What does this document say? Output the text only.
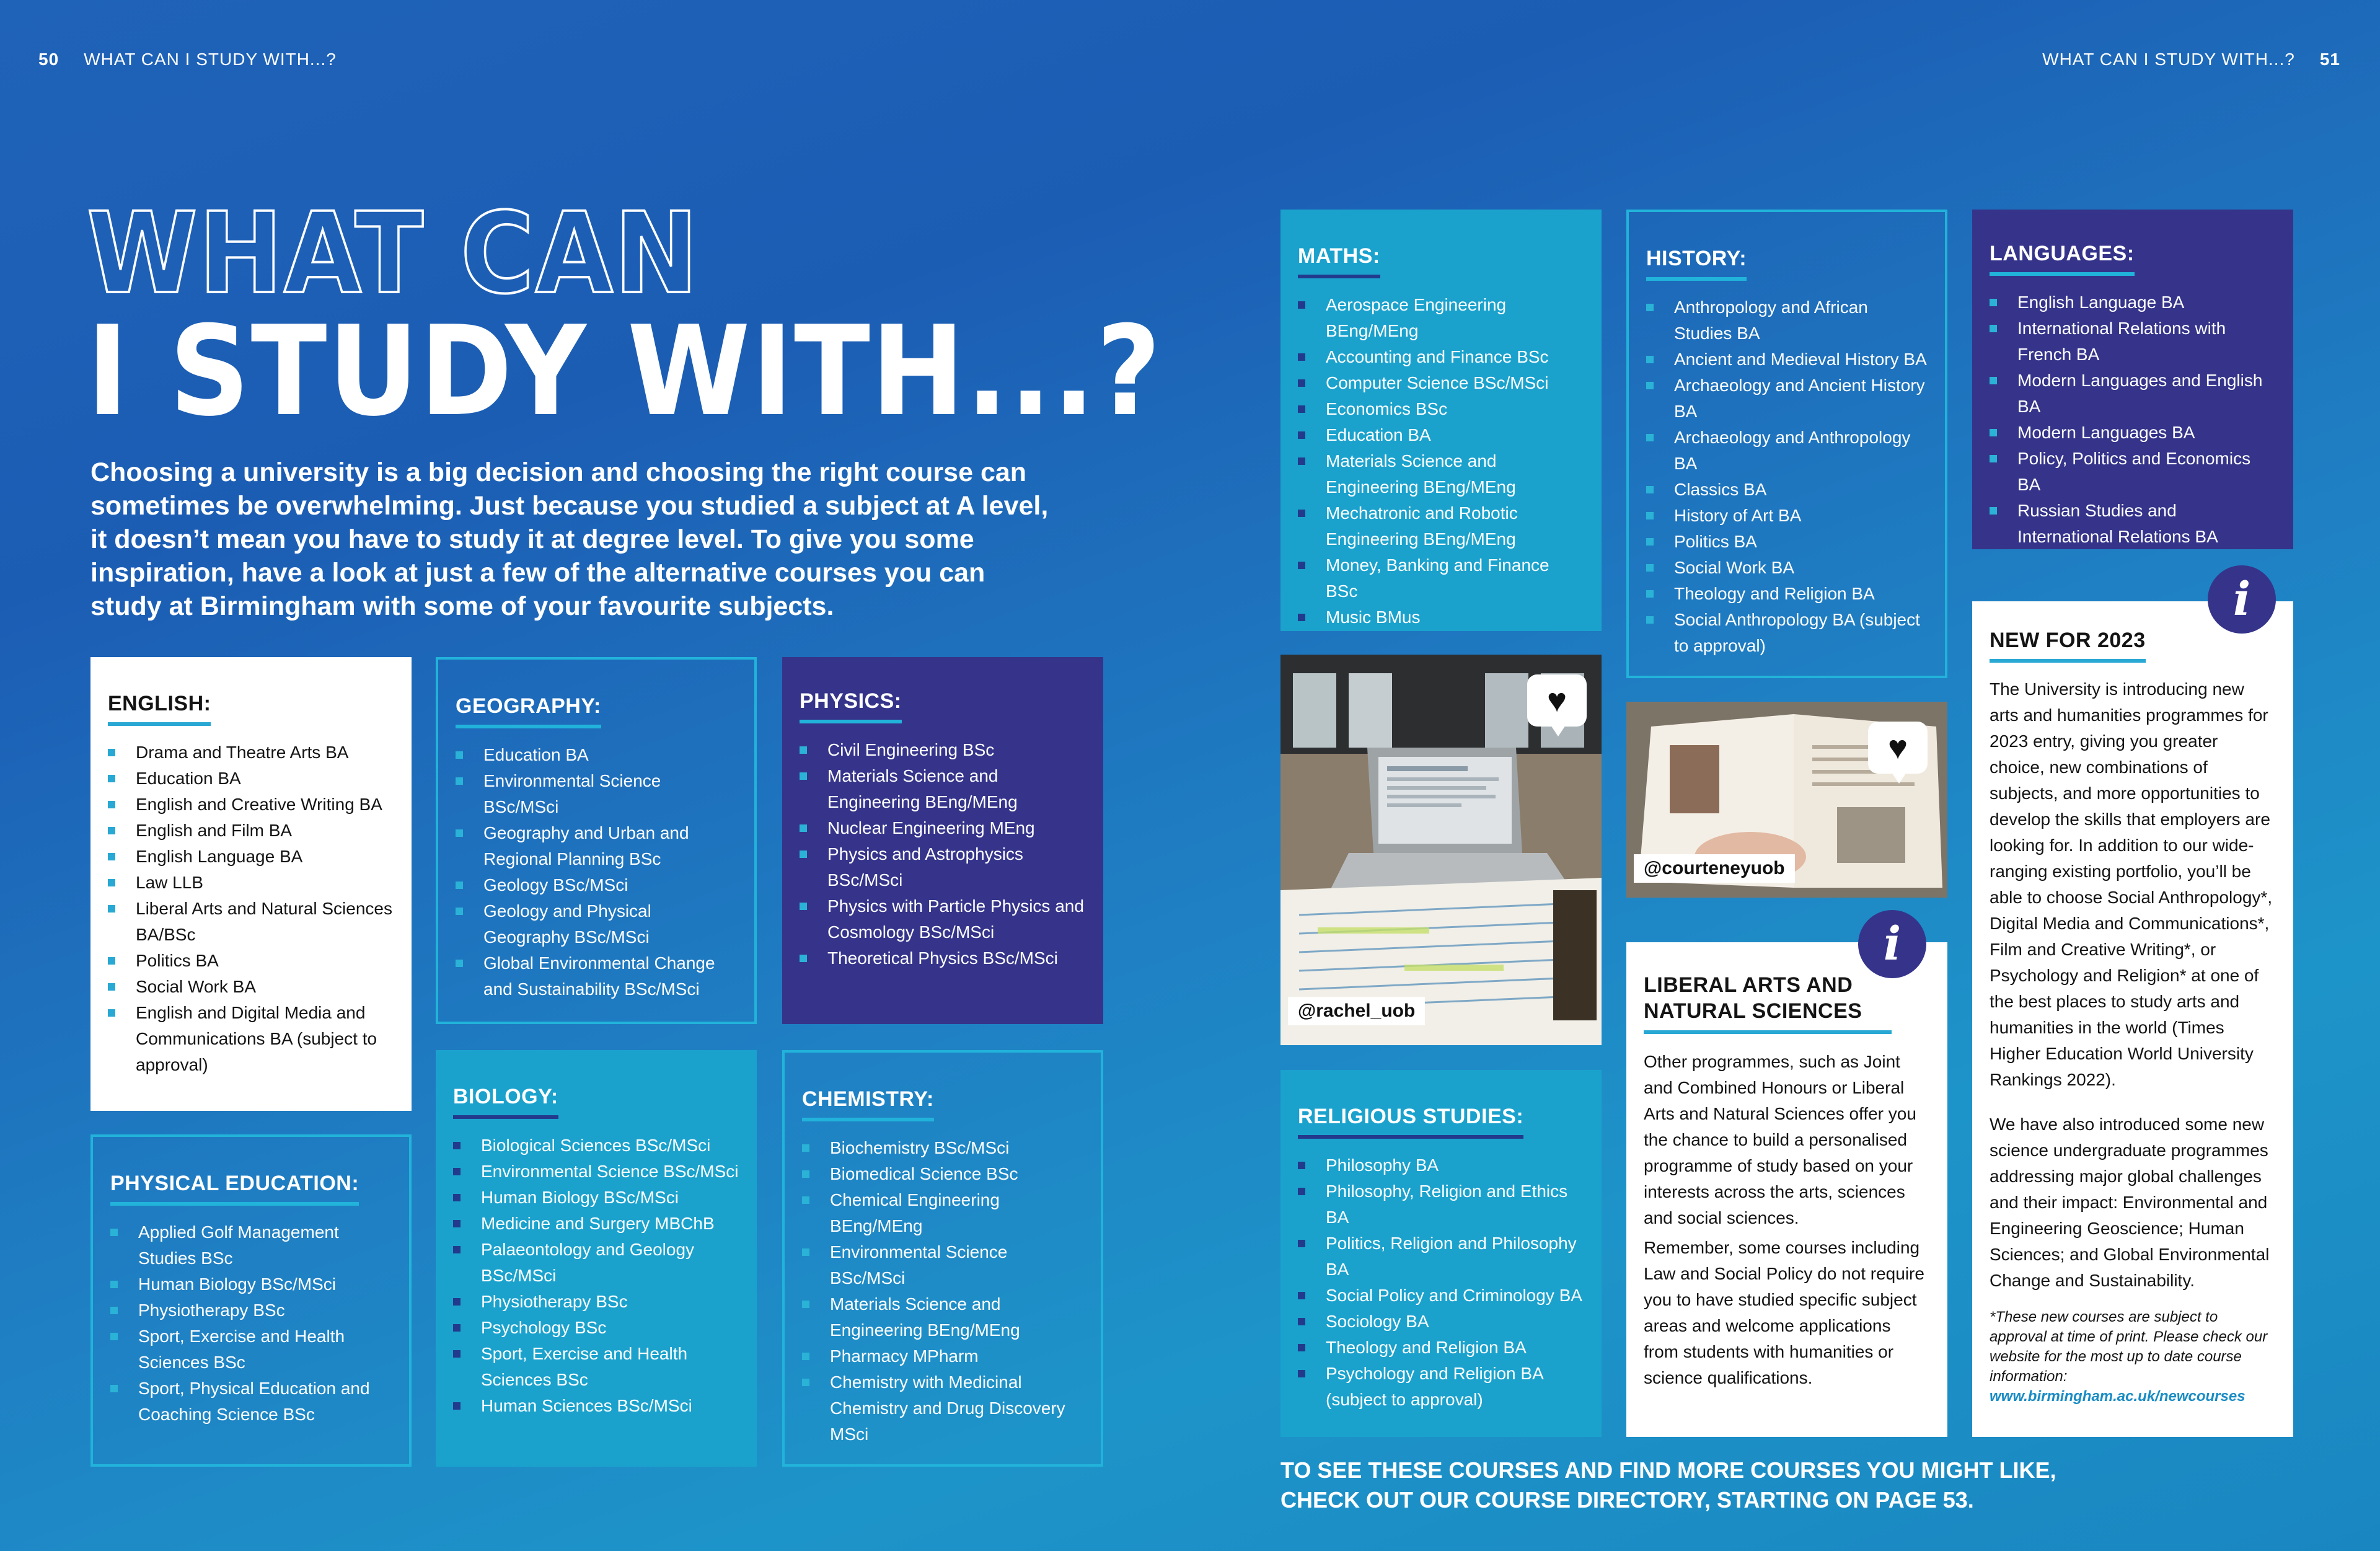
50 WHAT CAN I STUDY WITH...?	WHAT CAN I STUDY WITH...? 51
WHAT CAN
I STUDY WITH...?

Choosing a university is a big decision and choosing the right course can sometimes be overwhelming. Just because you studied a subject at A level, it doesn’t mean you have to study it at degree level. To give you some inspiration, have a look at just a few of the alternative courses you can study at Birmingham with some of your favourite subjects.

ENGLISH:
Drama and Theatre Arts BA
Education BA
English and Creative Writing BA
English and Film BA
English Language BA
Law LLB
Liberal Arts and Natural Sciences BA/BSc
Politics BA
Social Work BA
English and Digital Media and Communications BA (subject to approval)
PHYSICAL EDUCATION:
Applied Golf Management Studies BSc
Human Biology BSc/MSci
Physiotherapy BSc
Sport, Exercise and Health Sciences BSc
Sport, Physical Education and Coaching Science BSc
GEOGRAPHY:
Education BA
Environmental Science BSc/MSci
Geography and Urban and Regional Planning BSc
Geology BSc/MSci
Geology and Physical Geography BSc/MSci
Global Environmental Change and Sustainability BSc/MSci
BIOLOGY:
Biological Sciences BSc/MSci
Environmental Science BSc/MSci
Human Biology BSc/MSci
Medicine and Surgery MBChB
Palaeontology and Geology BSc/MSci
Physiotherapy BSc
Psychology BSc
Sport, Exercise and Health Sciences BSc
Human Sciences BSc/MSci
PHYSICS:
Civil Engineering BSc
Materials Science and Engineering BEng/MEng
Nuclear Engineering MEng
Physics and Astrophysics BSc/MSci
Physics with Particle Physics and Cosmology BSc/MSci
Theoretical Physics BSc/MSci
CHEMISTRY:
Biochemistry BSc/MSci
Biomedical Science BSc
Chemical Engineering BEng/MEng
Environmental Science BSc/MSci
Materials Science and Engineering BEng/MEng
Pharmacy MPharm
Chemistry with Medicinal Chemistry and Drug Discovery MSci
MATHS:
Aerospace Engineering BEng/MEng
Accounting and Finance BSc
Computer Science BSc/MSci
Economics BSc
Education BA
Materials Science and Engineering BEng/MEng
Mechatronic and Robotic Engineering BEng/MEng
Money, Banking and Finance BSc
Music BMus
HISTORY:
Anthropology and African Studies BA
Ancient and Medieval History BA
Archaeology and Ancient History BA
Archaeology and Anthropology BA
Classics BA
History of Art BA
Politics BA
Social Work BA
Theology and Religion BA
Social Anthropology BA (subject to approval)
LANGUAGES:
English Language BA
International Relations with French BA
Modern Languages and English BA
Modern Languages BA
Policy, Politics and Economics BA
Russian Studies and International Relations BA
♥
@rachel_uob
♥
@courteneyuob
RELIGIOUS STUDIES:
Philosophy BA
Philosophy, Religion and Ethics BA
Politics, Religion and Philosophy BA
Social Policy and Criminology BA
Sociology BA
Theology and Religion BA
Psychology and Religion BA (subject to approval)
LIBERAL ARTS AND NATURAL SCIENCES

Other programmes, such as Joint and Combined Honours or Liberal Arts and Natural Sciences offer you the chance to build a personalised programme of study based on your interests across the arts, sciences and social sciences.

Remember, some courses including Law and Social Policy do not require you to have studied specific subject areas and welcome applications from students with humanities or science qualifications.

i
NEW FOR 2023

The University is introducing new arts and humanities programmes for 2023 entry, giving you greater choice, new combinations of subjects, and more opportunities to develop the skills that employers are looking for. In addition to our wide-ranging existing portfolio, you’ll be able to choose Social Anthropology*, Digital Media and Communications*, Film and Creative Writing*, or Psychology and Religion* at one of the best places to study arts and humanities in the world (Times Higher Education World University Rankings 2022).

We have also introduced some new science undergraduate programmes addressing major global challenges and their impact: Environmental and Engineering Geoscience; Human Sciences; and Global Environmental Change and Sustainability.

*These new courses are subject to approval at time of print. Please check our website for the most up to date course information: www.birmingham.ac.uk/newcourses
i

TO SEE THESE COURSES AND FIND MORE COURSES YOU MIGHT LIKE, CHECK OUT OUR COURSE DIRECTORY, STARTING ON PAGE 53.
